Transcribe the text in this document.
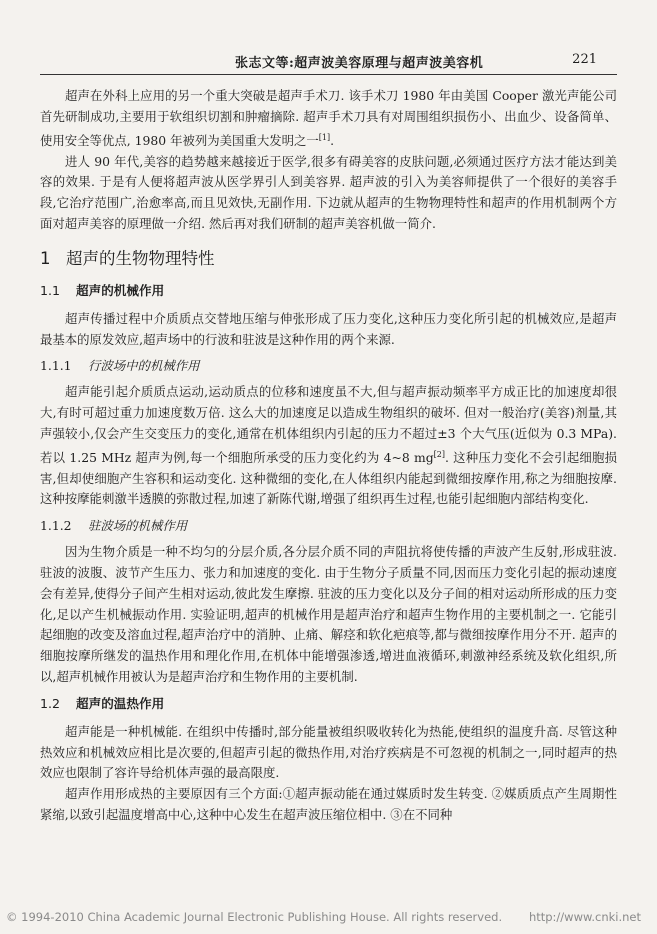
张志文等:超声波美容原理与超声波美容机	221

超声在外科上应用的另一个重大突破是超声手术刀. 该手术刀 1980 年由美国 Cooper 激光声能公司首先研制成功,主要用于软组织切割和肿瘤摘除. 超声手术刀具有对周围组织损伤小、出血少、设备简单、使用安全等优点, 1980 年被列为美国重大发明之一[1].

进人 90 年代,美容的趋势越来越接近于医学,很多有碍美容的皮肤问题,必须通过医疗方法才能达到美容的效果. 于是有人便将超声波从医学界引人到美容界. 超声波的引入为美容师提供了一个很好的美容手段,它治疗范围广,治愈率高,而且见效快,无副作用. 下边就从超声的生物物理特性和超声的作用机制两个方面对超声美容的原理做一介绍. 然后再对我们研制的超声美容机做一简介.

1 超声的生物物理特性
1.1 超声的机械作用

超声传播过程中介质质点交替地压缩与伸张形成了压力变化,这种压力变化所引起的机械效应,是超声最基本的原发效应,超声场中的行波和驻波是这种作用的两个来源.

1.1.1 行波场中的机械作用

超声能引起介质质点运动,运动质点的位移和速度虽不大,但与超声振动频率平方成正比的加速度却很大,有时可超过重力加速度数万倍. 这么大的加速度足以造成生物组织的破坏. 但对一般治疗(美容)剂量,其声强较小,仅会产生交变压力的变化,通常在机体组织内引起的压力不超过±3 个大气压(近似为 0.3 MPa). 若以 1.25 MHz 超声为例,每一个细胞所承受的压力变化约为 4~8 mg[2]. 这种压力变化不会引起细胞损害,但却使细胞产生容积和运动变化. 这种微细的变化,在人体组织内能起到微细按摩作用,称之为细胞按摩. 这种按摩能刺激半透膜的弥散过程,加速了新陈代谢,增强了组织再生过程,也能引起细胞内部结构变化.

1.1.2 驻波场的机械作用

因为生物介质是一种不均匀的分层介质,各分层介质不同的声阻抗将使传播的声波产生反射,形成驻波. 驻波的波腹、波节产生压力、张力和加速度的变化. 由于生物分子质量不同,因而压力变化引起的振动速度会有差异,使得分子间产生相对运动,彼此发生摩擦. 驻波的压力变化以及分子间的相对运动所形成的压力变化,足以产生机械振动作用. 实验证明,超声的机械作用是超声治疗和超声生物作用的主要机制之一. 它能引起细胞的改变及溶血过程,超声治疗中的消肿、止痛、解痉和软化疤痕等,都与微细按摩作用分不开. 超声的细胞按摩所继发的温热作用和理化作用,在机体中能增强渗透,增进血液循环,刺激神经系统及软化组织,所以,超声机械作用被认为是超声治疗和生物作用的主要机制.

1.2 超声的温热作用

超声能是一种机械能. 在组织中传播时,部分能量被组织吸收转化为热能,使组织的温度升高. 尽管这种热效应和机械效应相比是次要的,但超声引起的微热作用,对治疗疾病是不可忽视的机制之一,同时超声的热效应也限制了容许导给机体声强的最高限度.

超声作用形成热的主要原因有三个方面:①超声振动能在通过媒质时发生转变. ②媒质质点产生周期性紧缩,以致引起温度增高中心,这种中心发生在超声波压缩位相中. ③在不同种

© 1994-2010 China Academic Journal Electronic Publishing House. All rights reserved. http://www.cnki.net
